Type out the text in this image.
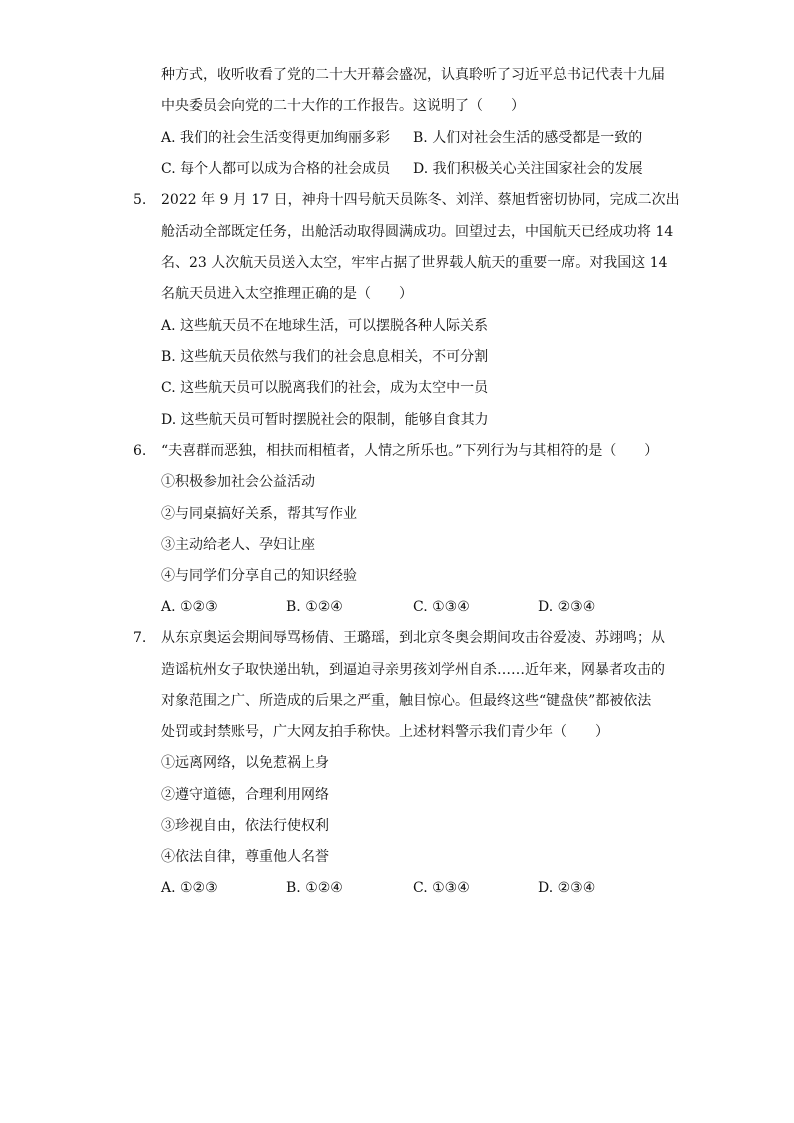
种方式，收听收看了党的二十大开幕会盛况，认真聆听了习近平总书记代表十九届
中央委员会向党的二十大作的工作报告。这说明了（　　）
A. 我们的社会生活变得更加绚丽多彩 B. 人们对社会生活的感受都是一致的
C. 每个人都可以成为合格的社会成员 D. 我们积极关心关注国家社会的发展
5. 2022 年 9 月 17 日，神舟十四号航天员陈冬、刘洋、蔡旭哲密切协同，完成二次出
舱活动全部既定任务，出舱活动取得圆满成功。回望过去，中国航天已经成功将 14
名、23 人次航天员送入太空，牢牢占据了世界载人航天的重要一席。对我国这 14
名航天员进入太空推理正确的是（　　）
A. 这些航天员不在地球生活，可以摆脱各种人际关系
B. 这些航天员依然与我们的社会息息相关，不可分割
C. 这些航天员可以脱离我们的社会，成为太空中一员
D. 这些航天员可暂时摆脱社会的限制，能够自食其力
6. “夫喜群而恶独，相扶而相植者，人情之所乐也。”下列行为与其相符的是（　　）
①积极参加社会公益活动
②与同桌搞好关系，帮其写作业
③主动给老人、孕妇让座
④与同学们分享自己的知识经验
A. ①②③	B. ①②④	C. ①③④	D. ②③④
7. 从东京奥运会期间辱骂杨倩、王璐瑶，到北京冬奥会期间攻击谷爱凌、苏翊鸣；从
造谣杭州女子取快递出轨，到逼迫寻亲男孩刘学州自杀……近年来，网暴者攻击的
对象范围之广、所造成的后果之严重，触目惊心。但最终这些“键盘侠”都被依法
处罚或封禁账号，广大网友拍手称快。上述材料警示我们青少年（　　）
①远离网络，以免惹祸上身
②遵守道德，合理利用网络
③珍视自由，依法行使权利
④依法自律，尊重他人名誉
A. ①②③	B. ①②④	C. ①③④	D. ②③④
